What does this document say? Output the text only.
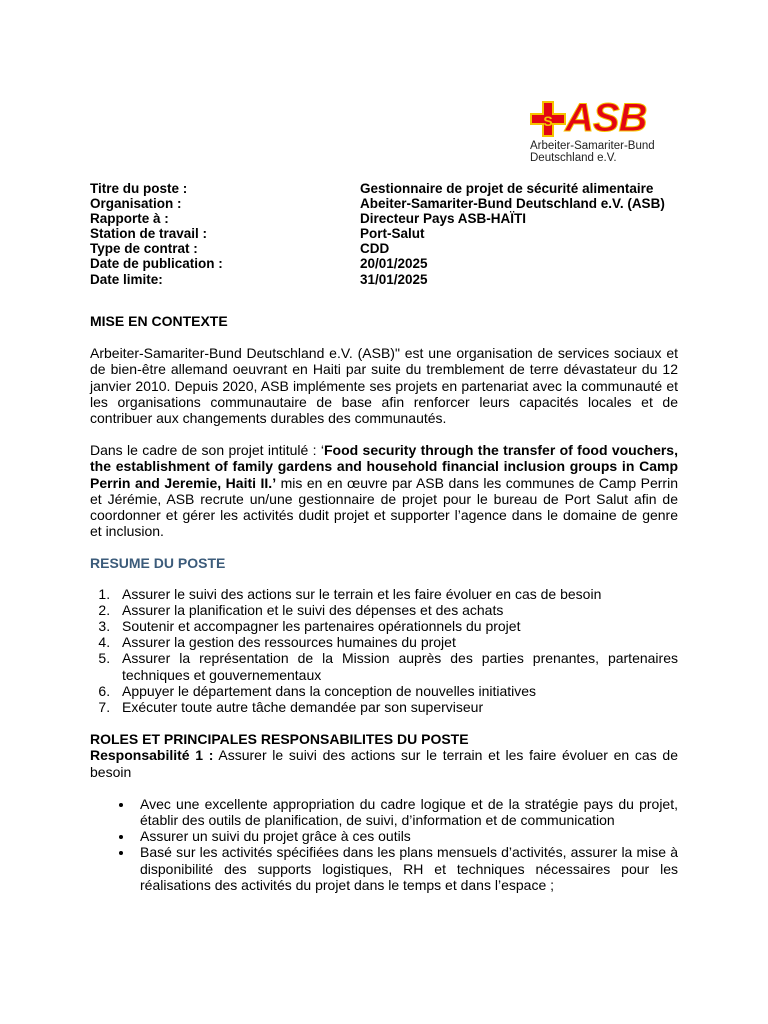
S ASB
Arbeiter-Samariter-Bund
Deutschland e.V.
Titre du poste :	Gestionnaire de projet de sécurité alimentaire
Organisation :	Abeiter-Samariter-Bund Deutschland e.V. (ASB)
Rapporte à :	Directeur Pays ASB-HAÏTI
Station de travail :	Port-Salut
Type de contrat :	CDD
Date de publication :	20/01/2025
Date limite:	31/01/2025

MISE EN CONTEXTE

Arbeiter-Samariter-Bund Deutschland e.V. (ASB)" est une organisation de services sociaux et de bien-être allemand oeuvrant en Haiti par suite du tremblement de terre dévastateur du 12 janvier 2010. Depuis 2020, ASB implémente ses projets en partenariat avec la communauté et les organisations communautaire de base afin renforcer leurs capacités locales et de contribuer aux changements durables des communautés.

Dans le cadre de son projet intitulé : ‘Food security through the transfer of food vouchers, the establishment of family gardens and household financial inclusion groups in Camp Perrin and Jeremie, Haiti II.’ mis en en œuvre par ASB dans les communes de Camp Perrin et Jérémie, ASB recrute un/une gestionnaire de projet pour le bureau de Port Salut afin de coordonner et gérer les activités dudit projet et supporter l’agence dans le domaine de genre et inclusion.

RESUME DU POSTE

1. Assurer le suivi des actions sur le terrain et les faire évoluer en cas de besoin
2. Assurer la planification et le suivi des dépenses et des achats
3. Soutenir et accompagner les partenaires opérationnels du projet
4. Assurer la gestion des ressources humaines du projet
5. Assurer la représentation de la Mission auprès des parties prenantes, partenaires techniques et gouvernementaux
6. Appuyer le département dans la conception de nouvelles initiatives
7. Exécuter toute autre tâche demandée par son superviseur

ROLES ET PRINCIPALES RESPONSABILITES DU POSTE

Responsabilité 1 : Assurer le suivi des actions sur le terrain et les faire évoluer en cas de besoin

• Avec une excellente appropriation du cadre logique et de la stratégie pays du projet, établir des outils de planification, de suivi, d’information et de communication
• Assurer un suivi du projet grâce à ces outils
• Basé sur les activités spécifiées dans les plans mensuels d’activités, assurer la mise à disponibilité des supports logistiques, RH et techniques nécessaires pour les réalisations des activités du projet dans le temps et dans l’espace ;
